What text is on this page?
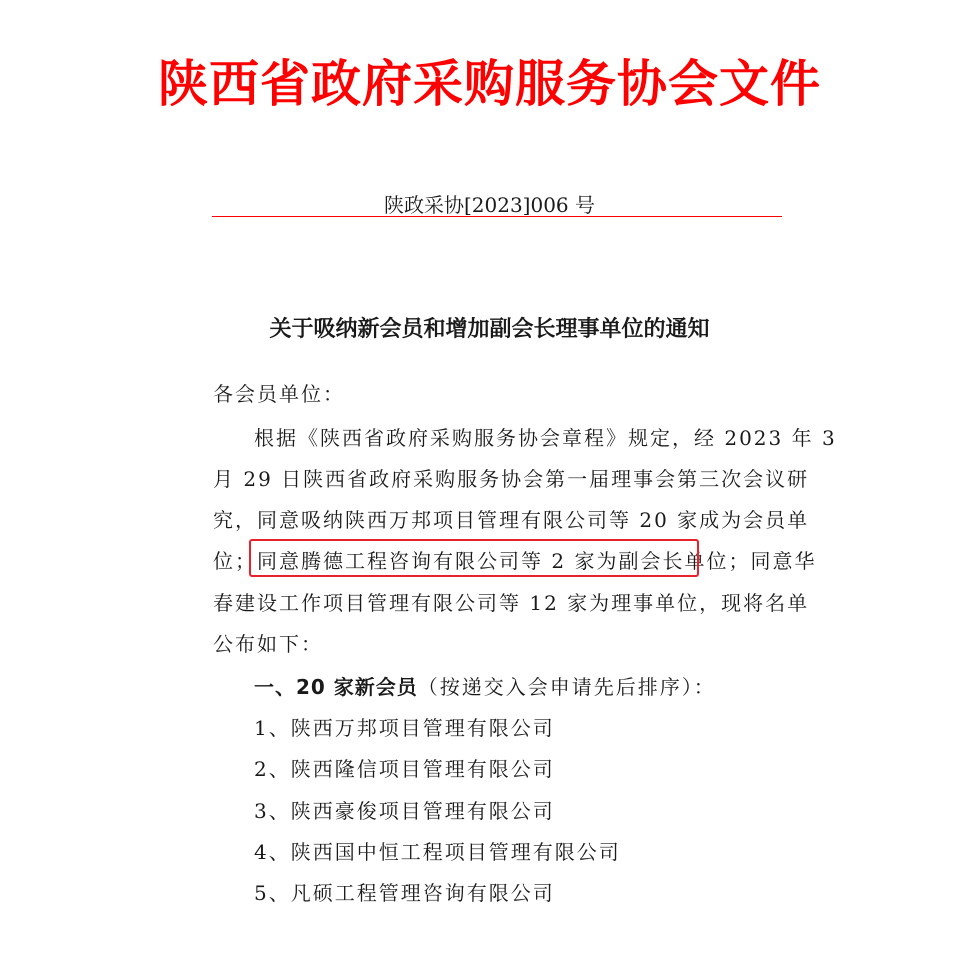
陕西省政府采购服务协会文件
陕政采协[2023]006 号
关于吸纳新会员和增加副会长理事单位的通知
各会员单位：
根据《陕西省政府采购服务协会章程》规定，经 2023 年 3
月 29 日陕西省政府采购服务协会第一届理事会第三次会议研
究，同意吸纳陕西万邦项目管理有限公司等 20 家成为会员单
位；同意腾德工程咨询有限公司等 2 家为副会长单位；同意华
春建设工作项目管理有限公司等 12 家为理事单位，现将名单
公布如下：
一、20 家新会员（按递交入会申请先后排序）：
1、陕西万邦项目管理有限公司
2、陕西隆信项目管理有限公司
3、陕西豪俊项目管理有限公司
4、陕西国中恒工程项目管理有限公司
5、凡硕工程管理咨询有限公司
